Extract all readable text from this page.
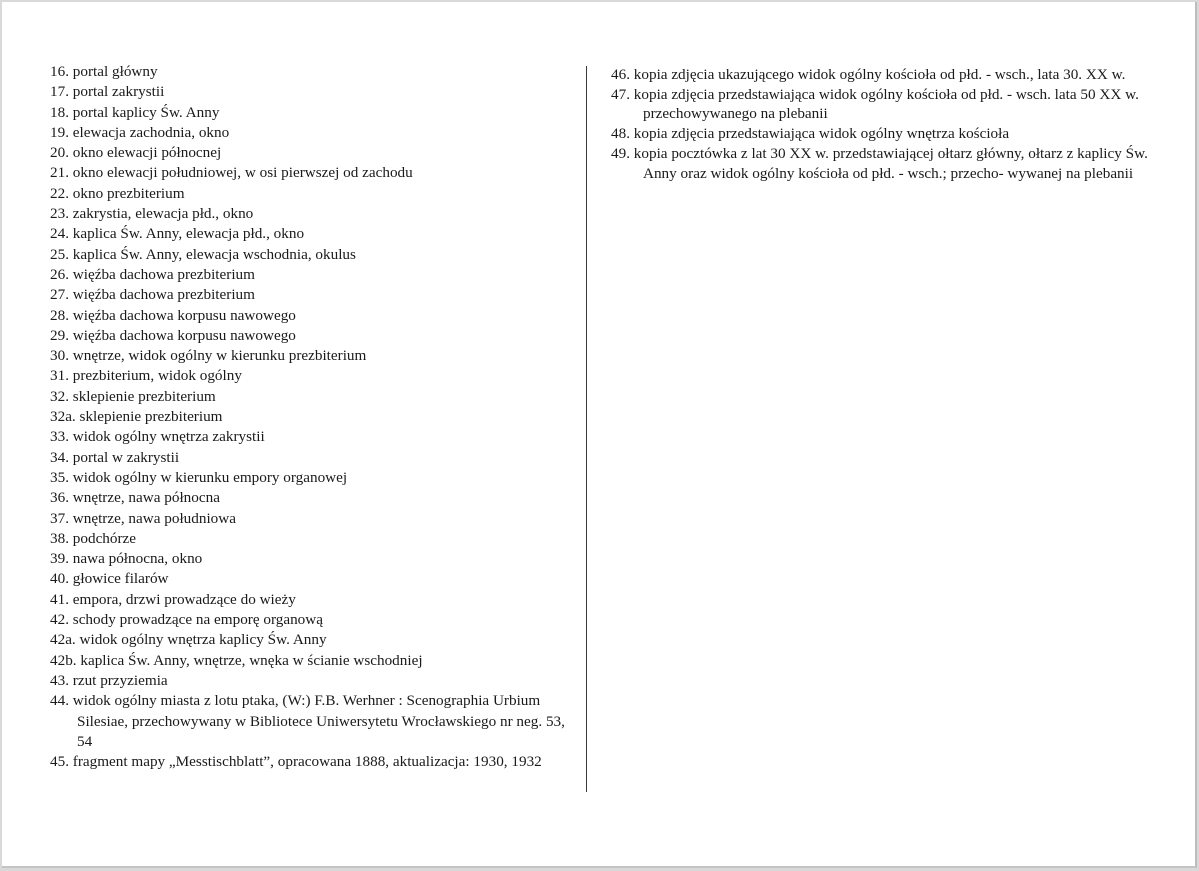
16. portal główny
17. portal zakrystii
18. portal kaplicy Św. Anny
19. elewacja zachodnia, okno
20. okno elewacji północnej
21. okno elewacji południowej, w osi pierwszej od zachodu
22. okno prezbiterium
23. zakrystia, elewacja płd., okno
24. kaplica Św. Anny, elewacja płd., okno
25. kaplica Św. Anny, elewacja wschodnia, okulus
26. więźba dachowa prezbiterium
27. więźba dachowa prezbiterium
28. więźba dachowa korpusu nawowego
29. więźba dachowa korpusu nawowego
30. wnętrze, widok ogólny w kierunku prezbiterium
31. prezbiterium, widok ogólny
32. sklepienie prezbiterium
32a. sklepienie prezbiterium
33. widok ogólny wnętrza zakrystii
34. portal w zakrystii
35. widok ogólny w kierunku empory organowej
36. wnętrze, nawa północna
37. wnętrze, nawa południowa
38. podchórze
39. nawa północna, okno
40. głowice filarów
41. empora, drzwi prowadzące do wieży
42. schody prowadzące na emporę organową
42a. widok ogólny wnętrza kaplicy Św. Anny
42b. kaplica Św. Anny, wnętrze, wnęka w ścianie wschodniej
43. rzut przyziemia
44. widok ogólny miasta z lotu ptaka, (W:) F.B. Werhner : Scenographia Urbium Silesiae, przechowywany w Bibliotece Uniwersytetu Wrocławskiego nr neg. 53, 54
45. fragment mapy „Messtischblatt”, opracowana 1888, aktualizacja: 1930, 1932
46. kopia zdjęcia ukazującego widok ogólny kościoła od płd. - wsch., lata 30. XX w.
47. kopia zdjęcia przedstawiająca widok ogólny kościoła od płd. - wsch. lata 50 XX w. przechowywanego na plebanii
48. kopia zdjęcia przedstawiająca widok ogólny wnętrza kościoła
49. kopia pocztówka z lat 30 XX w. przedstawiającej ołtarz główny, ołtarz z kaplicy Św. Anny oraz widok ogólny kościoła od płd. - wsch.; przecho- wywanej na plebanii
